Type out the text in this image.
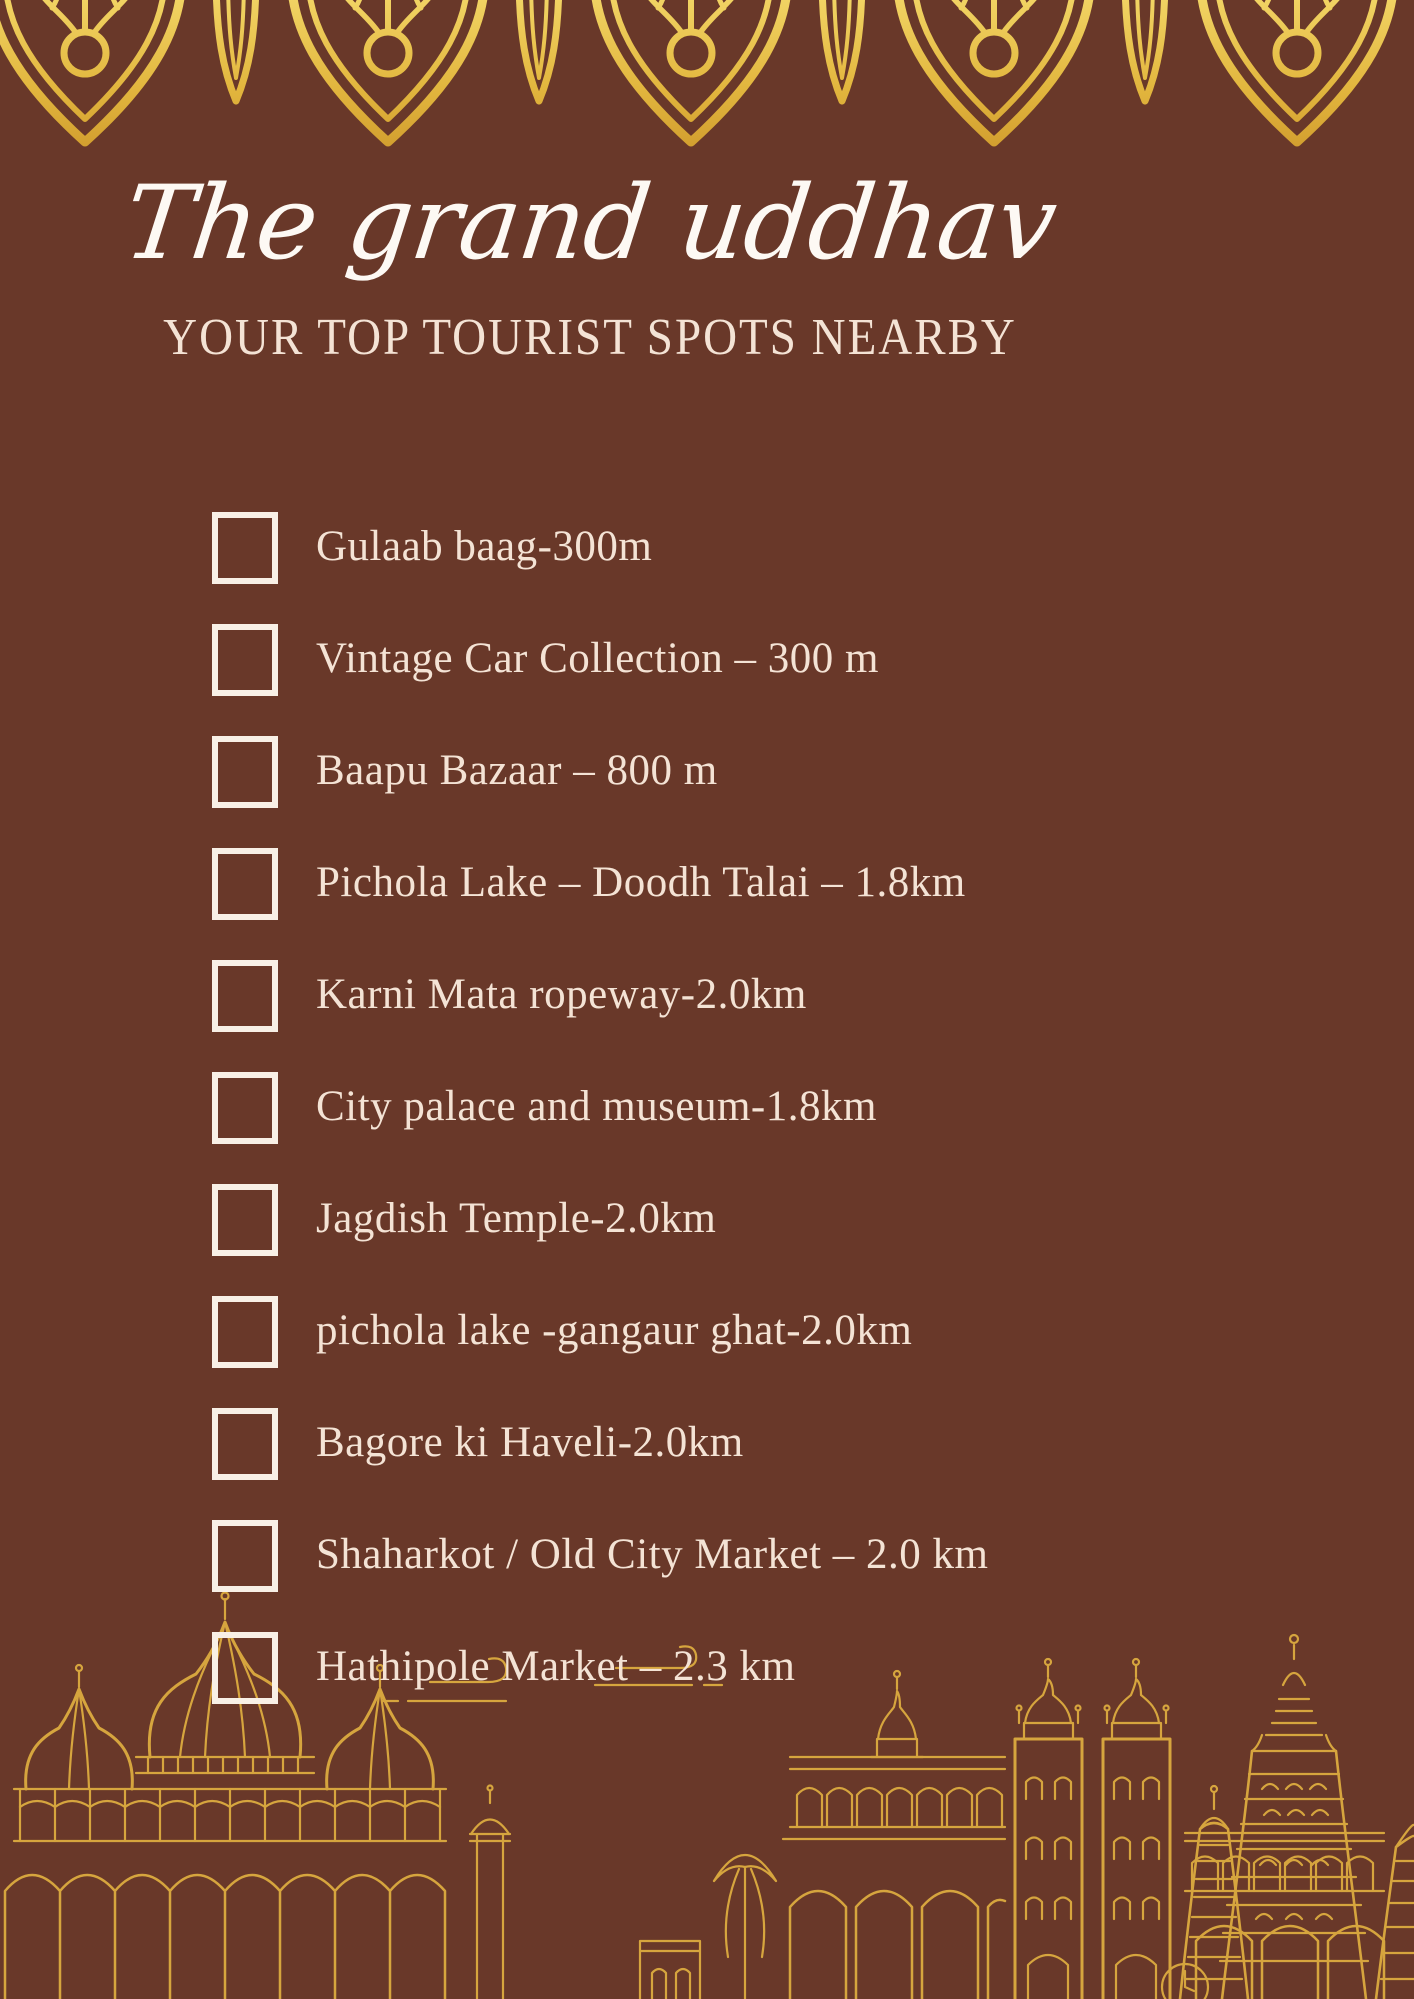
The grand uddhav
YOUR TOP TOURIST SPOTS NEARBY
Gulaab baag-300m
Vintage Car Collection – 300 m
Baapu Bazaar – 800 m
Pichola Lake – Doodh Talai – 1.8km
Karni Mata ropeway-2.0km
City palace and museum-1.8km
Jagdish Temple-2.0km
pichola lake -gangaur ghat-2.0km
Bagore ki Haveli-2.0km
Shaharkot / Old City Market – 2.0 km
Hathipole Market – 2.3 km
